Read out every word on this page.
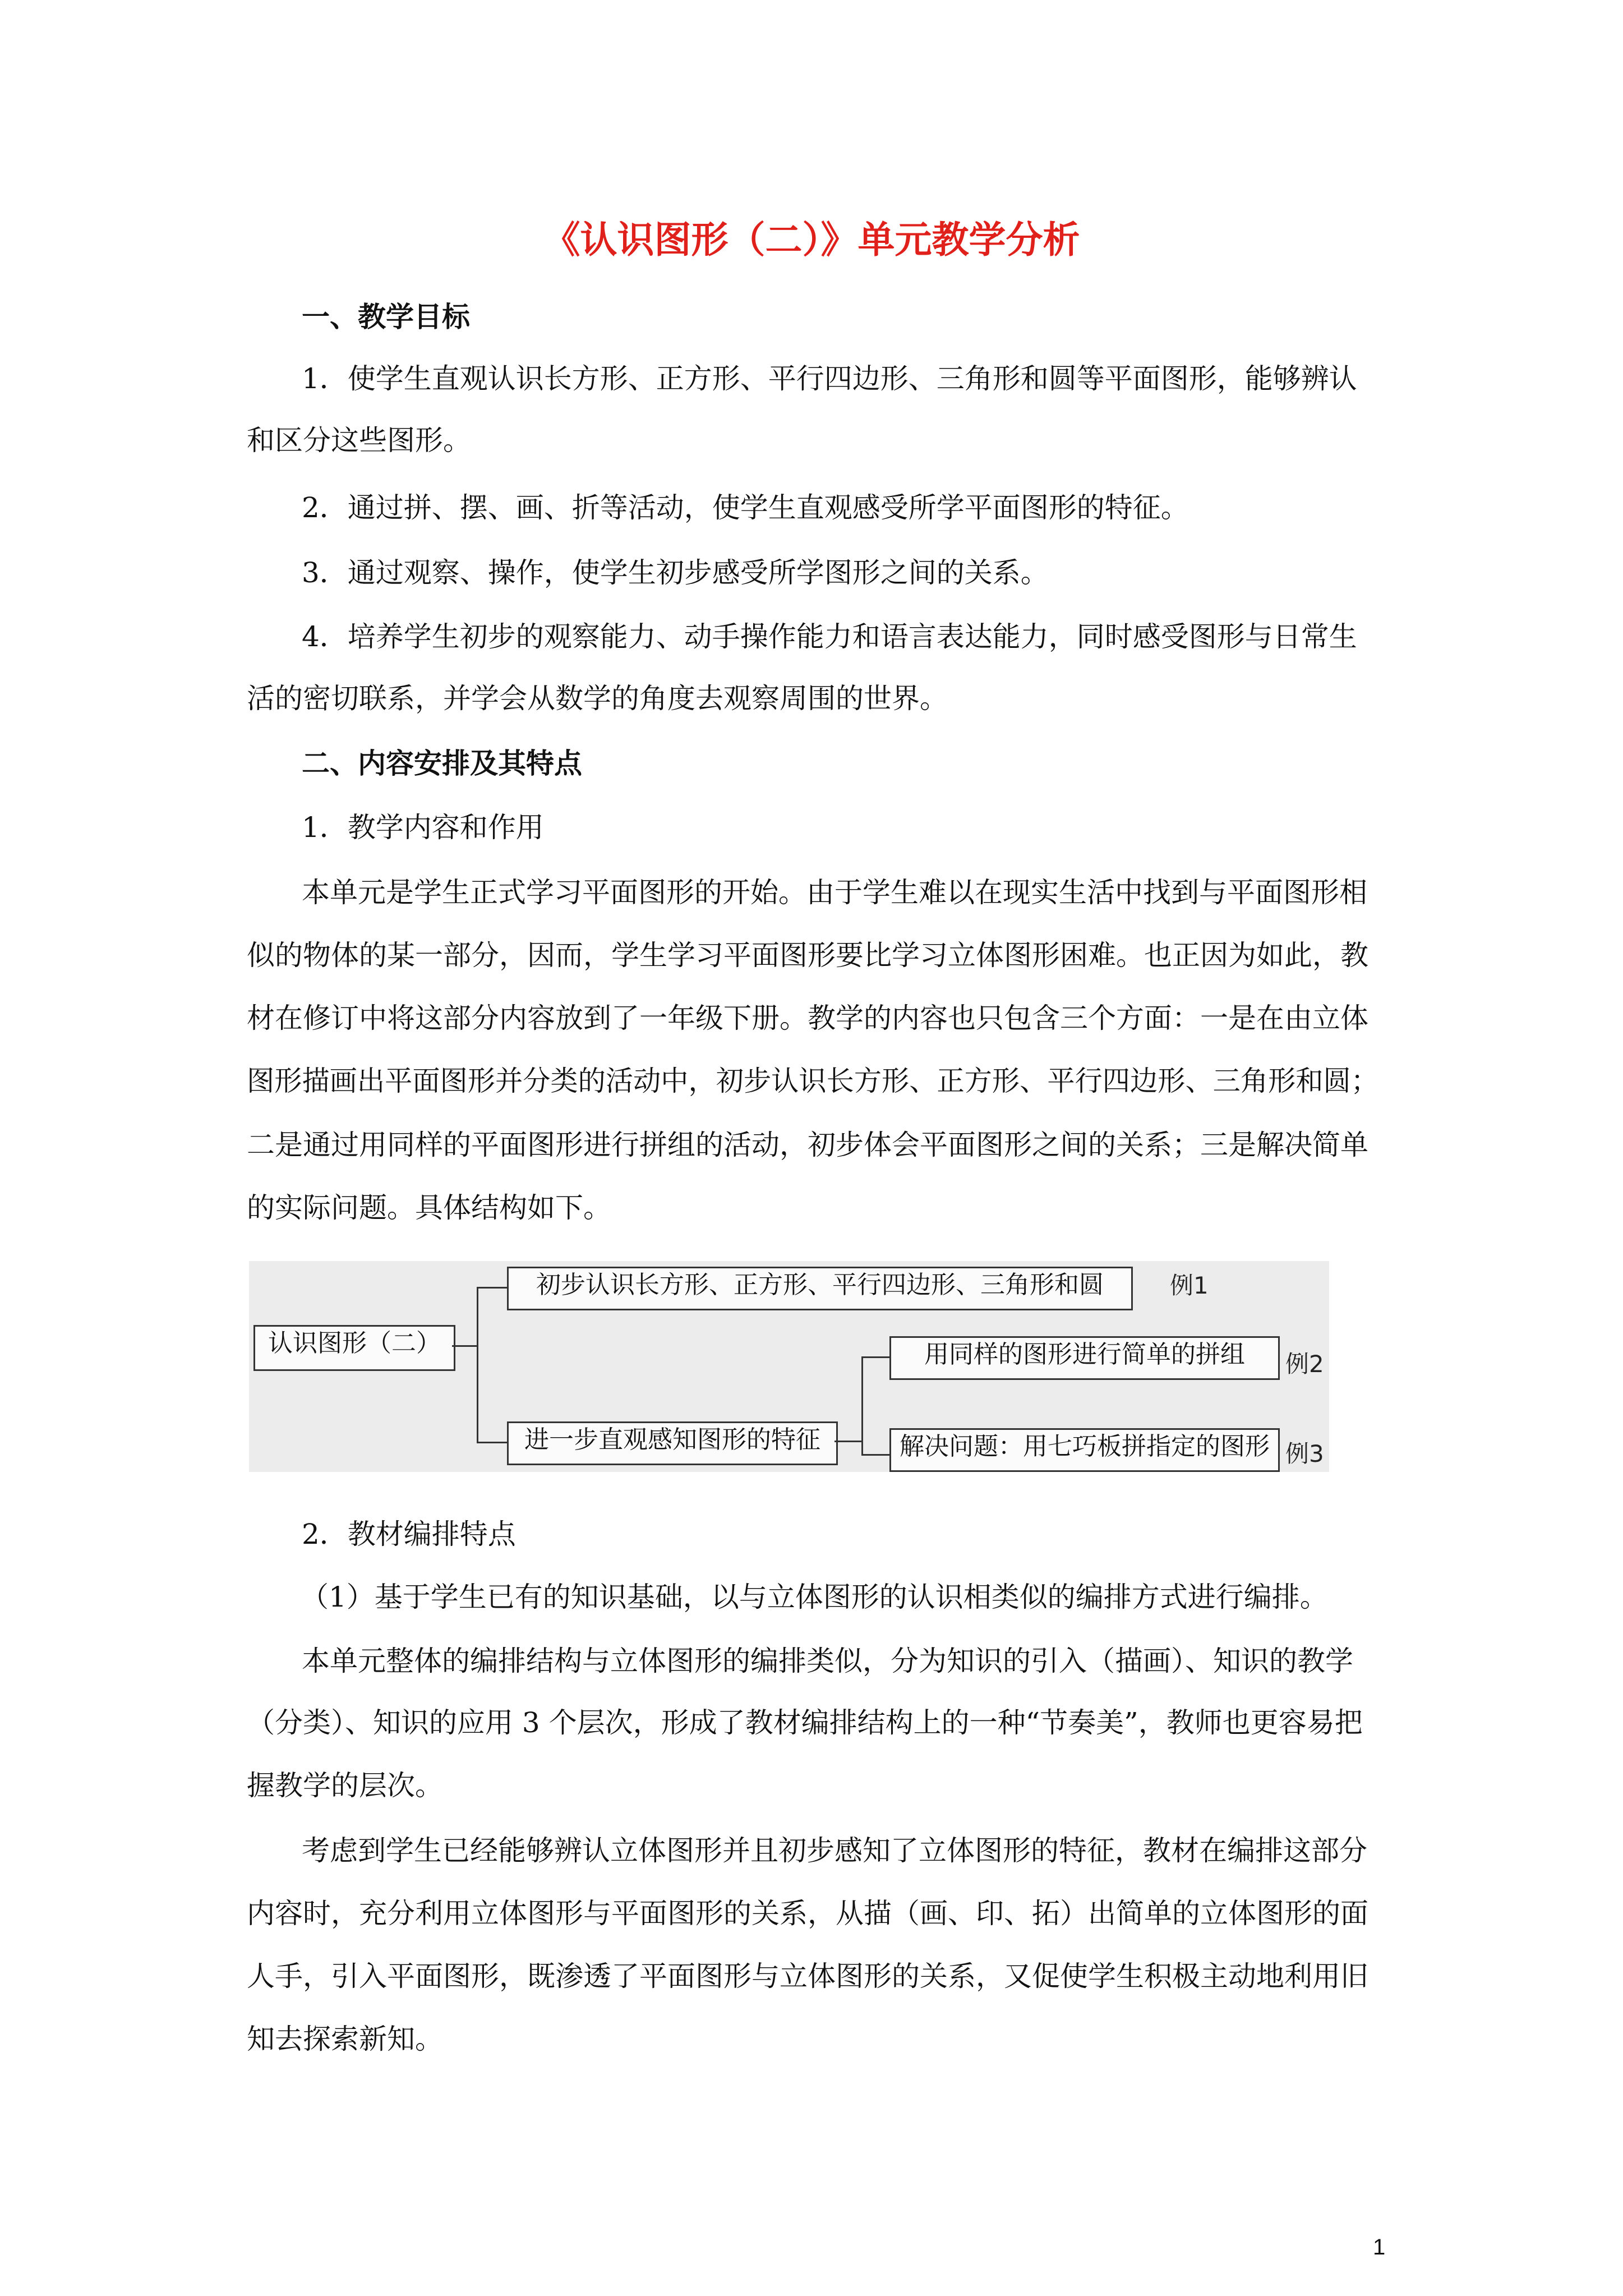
《认识图形（二）》单元教学分析
一、教学目标
1．使学生直观认识长方形、正方形、平行四边形、三角形和圆等平面图形，能够辨认
和区分这些图形。
2．通过拼、摆、画、折等活动，使学生直观感受所学平面图形的特征。
3．通过观察、操作，使学生初步感受所学图形之间的关系。
4．培养学生初步的观察能力、动手操作能力和语言表达能力，同时感受图形与日常生
活的密切联系，并学会从数学的角度去观察周围的世界。
二、内容安排及其特点
1．教学内容和作用
本单元是学生正式学习平面图形的开始。由于学生难以在现实生活中找到与平面图形相
似的物体的某一部分，因而，学生学习平面图形要比学习立体图形困难。也正因为如此，教
材在修订中将这部分内容放到了一年级下册。教学的内容也只包含三个方面：一是在由立体
图形描画出平面图形并分类的活动中，初步认识长方形、正方形、平行四边形、三角形和圆；
二是通过用同样的平面图形进行拼组的活动，初步体会平面图形之间的关系；三是解决简单
的实际问题。具体结构如下。
认识图形（二）
初步认识长方形、正方形、平行四边形、三角形和圆	例1
进一步直观感知图形的特征
用同样的图形进行简单的拼组	例2
解决问题：用七巧板拼指定的图形 例3
2．教材编排特点
（1）基于学生已有的知识基础，以与立体图形的认识相类似的编排方式进行编排。
本单元整体的编排结构与立体图形的编排类似，分为知识的引入（描画）、知识的教学
（分类）、知识的应用 3 个层次，形成了教材编排结构上的一种“节奏美”，教师也更容易把
握教学的层次。
考虑到学生已经能够辨认立体图形并且初步感知了立体图形的特征，教材在编排这部分
内容时，充分利用立体图形与平面图形的关系，从描（画、印、拓）出简单的立体图形的面
人手，引入平面图形，既渗透了平面图形与立体图形的关系，又促使学生积极主动地利用旧
知去探索新知。
1
